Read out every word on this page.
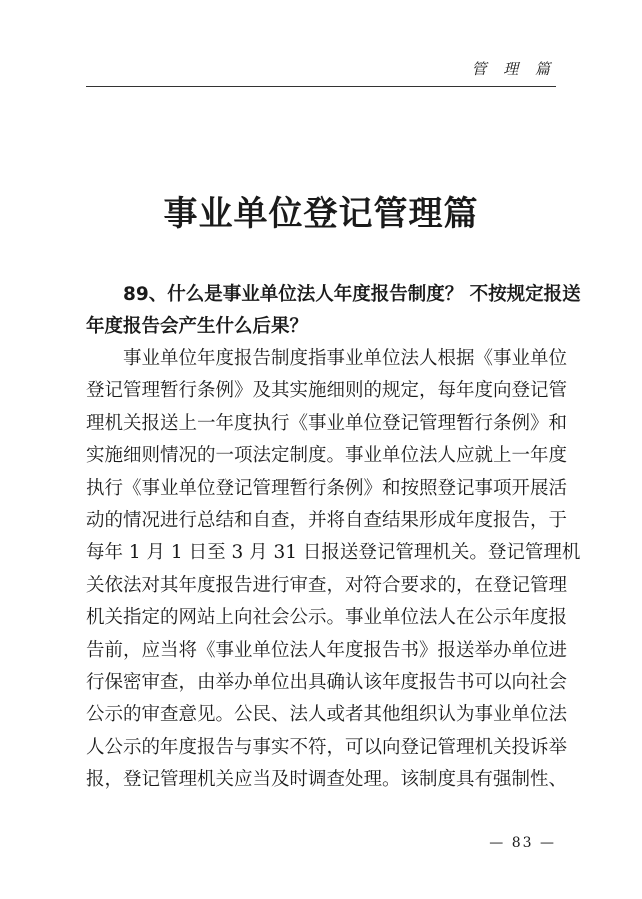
管 理 篇
事业单位登记管理篇
89、什么是事业单位法人年度报告制度？ 不按规定报送
年度报告会产生什么后果？
事业单位年度报告制度指事业单位法人根据《事业单位
登记管理暂行条例》及其实施细则的规定，每年度向登记管
理机关报送上一年度执行《事业单位登记管理暂行条例》和
实施细则情况的一项法定制度。事业单位法人应就上一年度
执行《事业单位登记管理暂行条例》和按照登记事项开展活
动的情况进行总结和自查，并将自查结果形成年度报告，于
每年 1 月 1 日至 3 月 31 日报送登记管理机关。登记管理机
关依法对其年度报告进行审查，对符合要求的，在登记管理
机关指定的网站上向社会公示。事业单位法人在公示年度报
告前，应当将《事业单位法人年度报告书》报送举办单位进
行保密审查，由举办单位出具确认该年度报告书可以向社会
公示的审查意见。公民、法人或者其他组织认为事业单位法
人公示的年度报告与事实不符，可以向登记管理机关投诉举
报，登记管理机关应当及时调查处理。该制度具有强制性、
— 83 —
